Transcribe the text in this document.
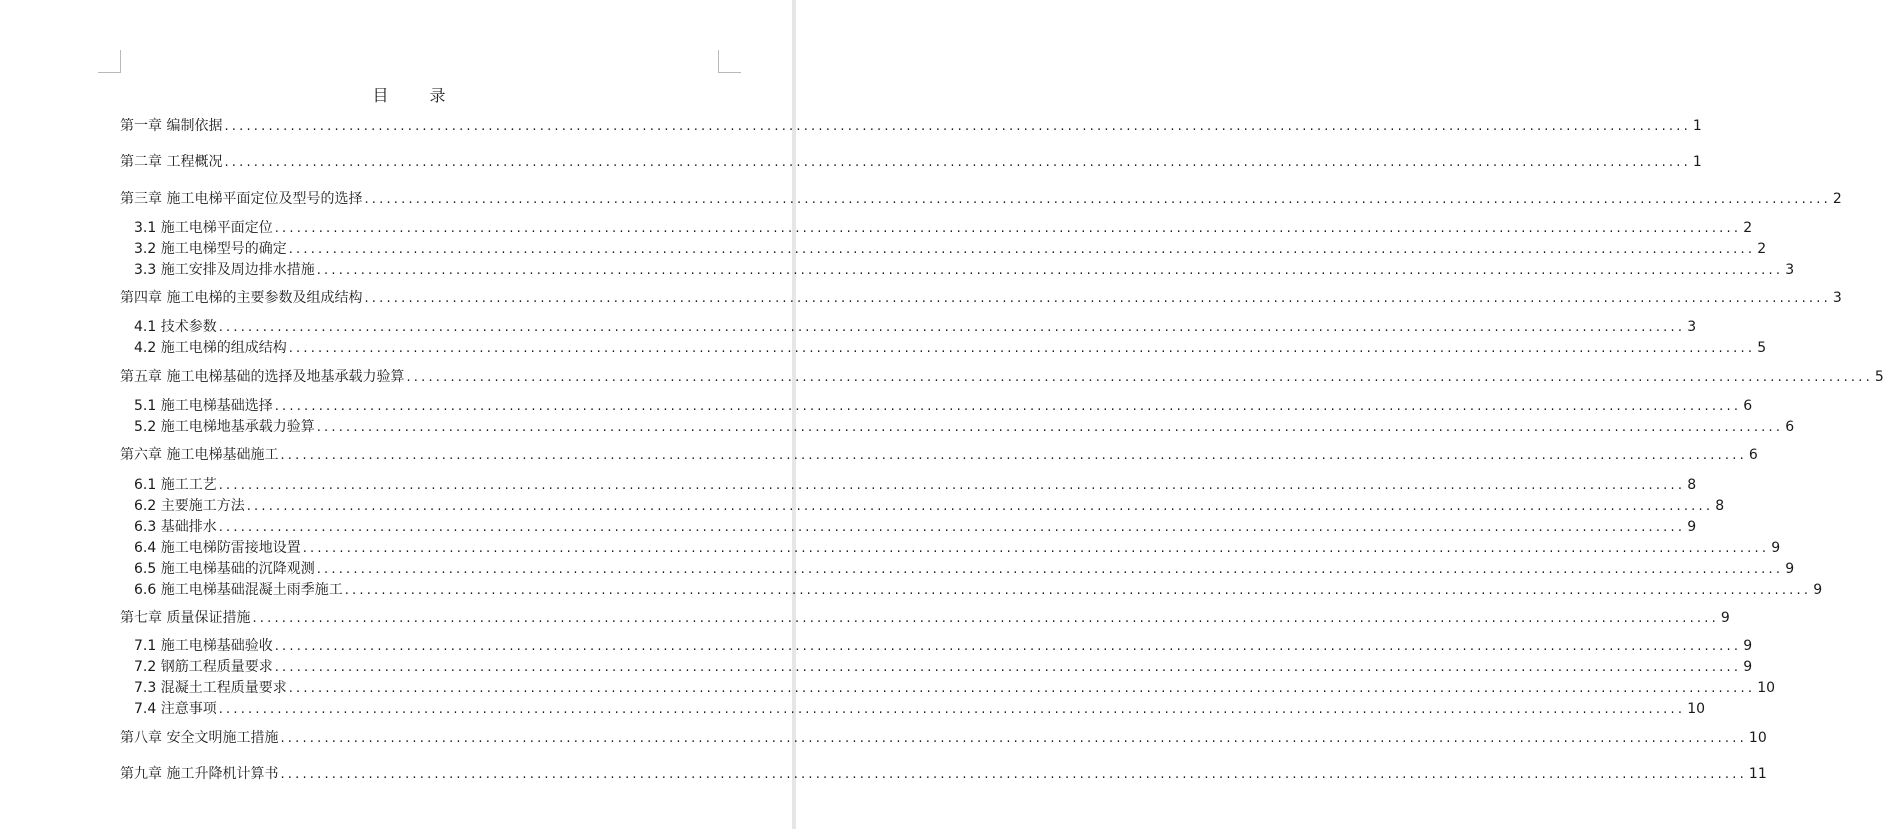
目 录
第一章 编制依据 ........................................................................................................................................................................................................ 1
第二章 工程概况 ........................................................................................................................................................................................................ 1
第三章 施工电梯平面定位及型号的选择 ........................................................................................................................................................................................................ 2
3.1 施工电梯平面定位 ........................................................................................................................................................................................................ 2
3.2 施工电梯型号的确定 ........................................................................................................................................................................................................ 2
3.3 施工安排及周边排水措施 ........................................................................................................................................................................................................ 3
第四章 施工电梯的主要参数及组成结构 ........................................................................................................................................................................................................ 3
4.1 技术参数 ........................................................................................................................................................................................................ 3
4.2 施工电梯的组成结构 ........................................................................................................................................................................................................ 5
第五章 施工电梯基础的选择及地基承载力验算 ........................................................................................................................................................................................................ 5
5.1 施工电梯基础选择 ........................................................................................................................................................................................................ 6
5.2 施工电梯地基承载力验算 ........................................................................................................................................................................................................ 6
第六章 施工电梯基础施工 ........................................................................................................................................................................................................ 6
6.1 施工工艺 ........................................................................................................................................................................................................ 8
6.2 主要施工方法 ........................................................................................................................................................................................................ 8
6.3 基础排水 ........................................................................................................................................................................................................ 9
6.4 施工电梯防雷接地设置 ........................................................................................................................................................................................................ 9
6.5 施工电梯基础的沉降观测 ........................................................................................................................................................................................................ 9
6.6 施工电梯基础混凝土雨季施工 ........................................................................................................................................................................................................ 9
第七章 质量保证措施 ........................................................................................................................................................................................................ 9
7.1 施工电梯基础验收 ........................................................................................................................................................................................................ 9
7.2 钢筋工程质量要求 ........................................................................................................................................................................................................ 9
7.3 混凝土工程质量要求 ........................................................................................................................................................................................................ 10
7.4 注意事项 ........................................................................................................................................................................................................ 10
第八章 安全文明施工措施 ........................................................................................................................................................................................................ 10
第九章 施工升降机计算书 ........................................................................................................................................................................................................ 11
